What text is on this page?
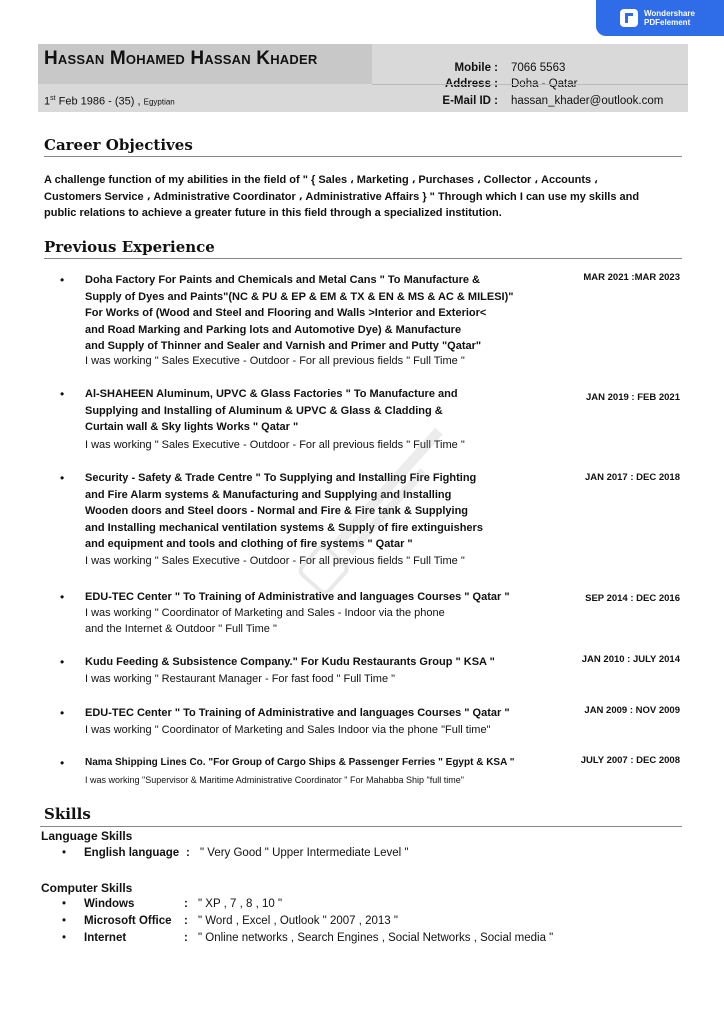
Wondershare
PDFelement
Hassan Mohamed Hassan Khader
1st Feb 1986 - (35) , Egyptian
Mobile : 7066 5563
Address : Doha - Qatar
E-Mail ID : hassan_khader@outlook.com
Career Objectives
A challenge function of my abilities in the field of " { Sales ، Marketing ، Purchases ، Collector ، Accounts ، Customers Service ، Administrative Coordinator ، Administrative Affairs } " Through which I can use my skills and public relations to achieve a greater future in this field through a specialized institution.
Previous Experience
• Doha Factory For Paints and Chemicals and Metal Cans " To Manufacture &
Supply of Dyes and Paints"(NC & PU & EP & EM & TX & EN & MS & AC & MILESI)"
For Works of (Wood and Steel and Flooring and Walls >Interior and Exterior<
and Road Marking and Parking lots and Automotive Dye) & Manufacture
and Supply of Thinner and Sealer and Varnish and Primer and Putty "Qatar"
I was working " Sales Executive - Outdoor - For all previous fields " Full Time "
MAR 2021 :MAR 2023
• Al-SHAHEEN Aluminum, UPVC & Glass Factories " To Manufacture and
Supplying and Installing of Aluminum & UPVC & Glass & Cladding &
Curtain wall & Sky lights Works " Qatar "
I was working " Sales Executive - Outdoor - For all previous fields " Full Time "
JAN 2019 : FEB 2021
• Security - Safety & Trade Centre " To Supplying and Installing Fighting
and Fire Alarm systems & Manufacturing and Supplying and Installing
Wooden doors and Steel doors - Normal and Fire & & Supplying
and Installing mechanical ventilation systems & of fire extinguishers
and equipment and tools and clothing of fire " Qatar "
I was working " Sales Executive - Outdoor - For all previous fields " Full Time "
JAN 2017 : DEC 2018
• EDU-TEC Center " To Training of Administrative and languages Courses " Qatar "
I was working " Coordinator of Marketing and Sales - Indoor via the phone
and the Internet & Outdoor " Full Time "
SEP 2014 : DEC 2016
• Kudu Feeding & Subsistence Company." For Kudu Restaurants Group " KSA "
I was working " Restaurant Manager - For fast food " Full Time "
JAN 2010 : JULY 2014
• EDU-TEC Center " To Training of Administrative and languages Courses " Qatar "
I was working " Coordinator of Marketing and Sales Indoor via the phone "Full time"
JAN 2009 : NOV 2009
• Nama Shipping Lines Co. "For Group of Cargo Ships & Passenger Ferries " Egypt & KSA "
I was working "Supervisor & Maritime Administrative Coordinator " For Mahabba Ship "full time"
JULY 2007 : DEC 2008
Skills
Language Skills
• English language : " Very Good " Upper Intermediate Level "
Computer Skills
• Windows	: " XP , 7 , 8 , 10 "
• Microsoft Office : " Word , Excel , Outlook " 2007 , 2013 "
• Internet	: " Online networks , Search Engines , Social Networks , Social media "
